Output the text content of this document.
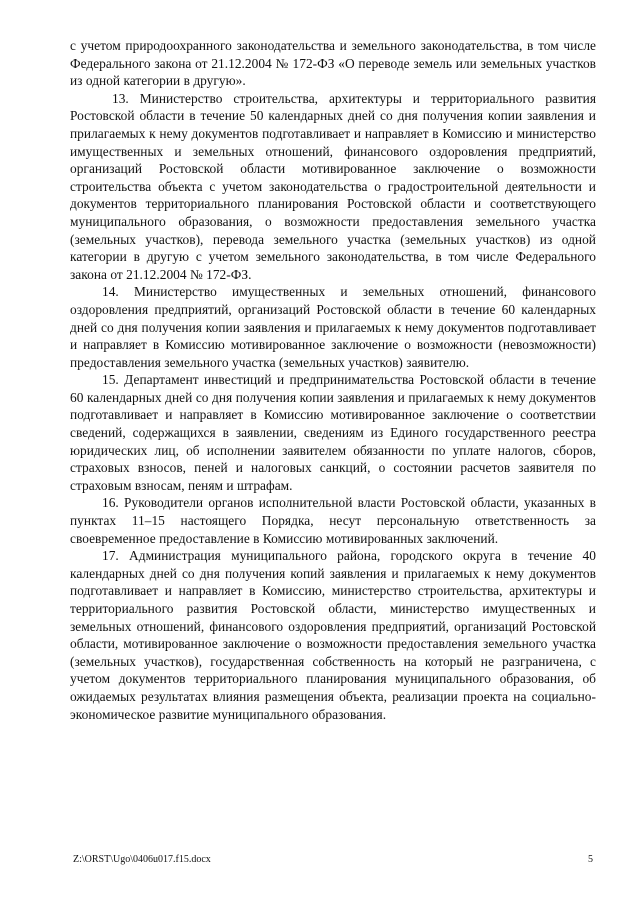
с учетом природоохранного законодательства и земельного законодательства, в том числе Федерального закона от 21.12.2004 № 172-ФЗ «О переводе земель или земельных участков из одной категории в другую».

13. Министерство строительства, архитектуры и территориального развития Ростовской области в течение 50 календарных дней со дня получения копии заявления и прилагаемых к нему документов подготавливает и направляет в Комиссию и министерство имущественных и земельных отношений, финансового оздоровления предприятий, организаций Ростовской области мотивированное заключение о возможности строительства объекта с учетом законодательства о градостроительной деятельности и документов территориального планирования Ростовской области и соответствующего муниципального образования, о возможности предоставления земельного участка (земельных участков), перевода земельного участка (земельных участков) из одной категории в другую с учетом земельного законодательства, в том числе Федерального закона от 21.12.2004 № 172-ФЗ.

14. Министерство имущественных и земельных отношений, финансового оздоровления предприятий, организаций Ростовской области в течение 60 календарных дней со дня получения копии заявления и прилагаемых к нему документов подготавливает и направляет в Комиссию мотивированное заключение о возможности (невозможности) предоставления земельного участка (земельных участков) заявителю.

15. Департамент инвестиций и предпринимательства Ростовской области в течение 60 календарных дней со дня получения копии заявления и прилагаемых к нему документов подготавливает и направляет в Комиссию мотивированное заключение о соответствии сведений, содержащихся в заявлении, сведениям из Единого государственного реестра юридических лиц, об исполнении заявителем обязанности по уплате налогов, сборов, страховых взносов, пеней и налоговых санкций, о состоянии расчетов заявителя по страховым взносам, пеням и штрафам.

16. Руководители органов исполнительной власти Ростовской области, указанных в пунктах 11–15 настоящего Порядка, несут персональную ответственность за своевременное предоставление в Комиссию мотивированных заключений.

17. Администрация муниципального района, городского округа в течение 40 календарных дней со дня получения копий заявления и прилагаемых к нему документов подготавливает и направляет в Комиссию, министерство строительства, архитектуры и территориального развития Ростовской области, министерство имущественных и земельных отношений, финансового оздоровления предприятий, организаций Ростовской области, мотивированное заключение о возможности предоставления земельного участка (земельных участков), государственная собственность на который не разграничена, с учетом документов территориального планирования муниципального образования, об ожидаемых результатах влияния размещения объекта, реализации проекта на социально-экономическое развитие муниципального образования.

Z:\ORST\Ugo\0406u017.f15.docx	5
